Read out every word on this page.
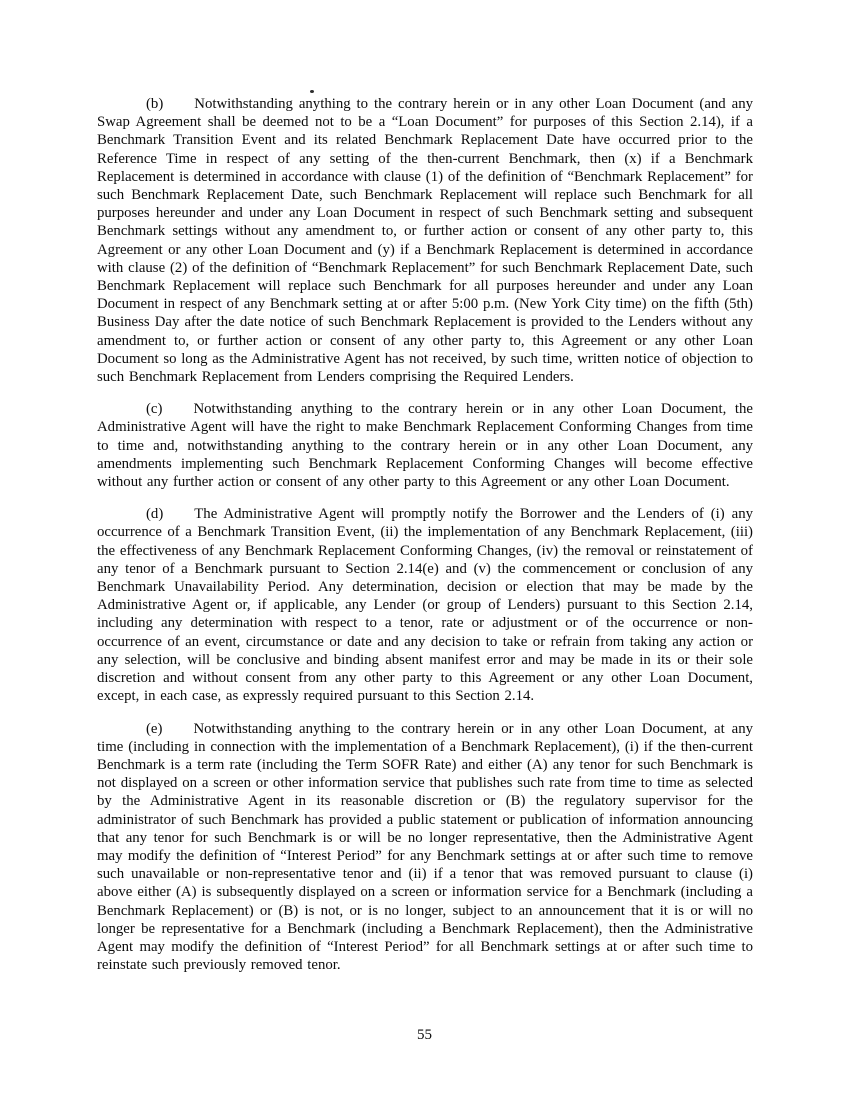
(b) Notwithstanding anything to the contrary herein or in any other Loan Document (and any Swap Agreement shall be deemed not to be a “Loan Document” for purposes of this Section 2.14), if a Benchmark Transition Event and its related Benchmark Replacement Date have occurred prior to the Reference Time in respect of any setting of the then-current Benchmark, then (x) if a Benchmark Replacement is determined in accordance with clause (1) of the definition of “Benchmark Replacement” for such Benchmark Replacement Date, such Benchmark Replacement will replace such Benchmark for all purposes hereunder and under any Loan Document in respect of such Benchmark setting and subsequent Benchmark settings without any amendment to, or further action or consent of any other party to, this Agreement or any other Loan Document and (y) if a Benchmark Replacement is determined in accordance with clause (2) of the definition of “Benchmark Replacement” for such Benchmark Replacement Date, such Benchmark Replacement will replace such Benchmark for all purposes hereunder and under any Loan Document in respect of any Benchmark setting at or after 5:00 p.m. (New York City time) on the fifth (5th) Business Day after the date notice of such Benchmark Replacement is provided to the Lenders without any amendment to, or further action or consent of any other party to, this Agreement or any other Loan Document so long as the Administrative Agent has not received, by such time, written notice of objection to such Benchmark Replacement from Lenders comprising the Required Lenders.

(c) Notwithstanding anything to the contrary herein or in any other Loan Document, the Administrative Agent will have the right to make Benchmark Replacement Conforming Changes from time to time and, notwithstanding anything to the contrary herein or in any other Loan Document, any amendments implementing such Benchmark Replacement Conforming Changes will become effective without any further action or consent of any other party to this Agreement or any other Loan Document.

(d) The Administrative Agent will promptly notify the Borrower and the Lenders of (i) any occurrence of a Benchmark Transition Event, (ii) the implementation of any Benchmark Replacement, (iii) the effectiveness of any Benchmark Replacement Conforming Changes, (iv) the removal or reinstatement of any tenor of a Benchmark pursuant to Section 2.14(e) and (v) the commencement or conclusion of any Benchmark Unavailability Period. Any determination, decision or election that may be made by the Administrative Agent or, if applicable, any Lender (or group of Lenders) pursuant to this Section 2.14, including any determination with respect to a tenor, rate or adjustment or of the occurrence or non-occurrence of an event, circumstance or date and any decision to take or refrain from taking any action or any selection, will be conclusive and binding absent manifest error and may be made in its or their sole discretion and without consent from any other party to this Agreement or any other Loan Document, except, in each case, as expressly required pursuant to this Section 2.14.

(e) Notwithstanding anything to the contrary herein or in any other Loan Document, at any time (including in connection with the implementation of a Benchmark Replacement), (i) if the then-current Benchmark is a term rate (including the Term SOFR Rate) and either (A) any tenor for such Benchmark is not displayed on a screen or other information service that publishes such rate from time to time as selected by the Administrative Agent in its reasonable discretion or (B) the regulatory supervisor for the administrator of such Benchmark has provided a public statement or publication of information announcing that any tenor for such Benchmark is or will be no longer representative, then the Administrative Agent may modify the definition of “Interest Period” for any Benchmark settings at or after such time to remove such unavailable or non-representative tenor and (ii) if a tenor that was removed pursuant to clause (i) above either (A) is subsequently displayed on a screen or information service for a Benchmark (including a Benchmark Replacement) or (B) is not, or is no longer, subject to an announcement that it is or will no longer be representative for a Benchmark (including a Benchmark Replacement), then the Administrative Agent may modify the definition of “Interest Period” for all Benchmark settings at or after such time to reinstate such previously removed tenor.

55
